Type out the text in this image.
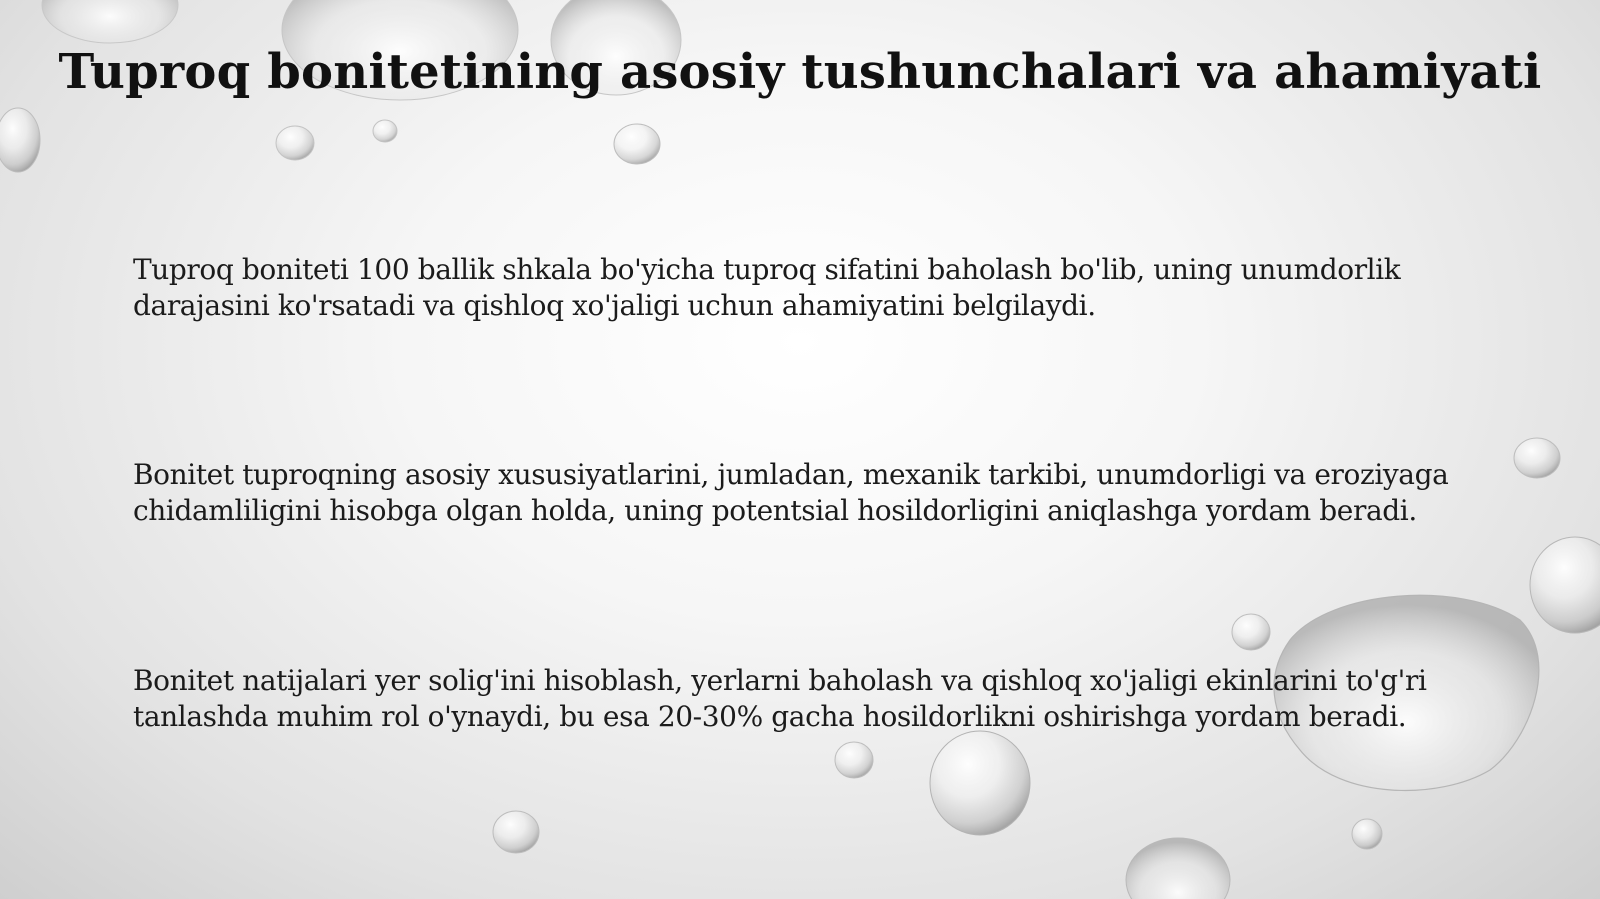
Tuproq bonitetining asosiy tushunchalari va ahamiyati

Tuproq boniteti 100 ballik shkala bo'yicha tuproq sifatini baholash bo'lib, uning unumdorlik darajasini ko'rsatadi va qishloq xo'jaligi uchun ahamiyatini belgilaydi.

Bonitet tuproqning asosiy xususiyatlarini, jumladan, mexanik tarkibi, unumdorligi va eroziyaga chidamliligini hisobga olgan holda, uning potentsial hosildorligini aniqlashga yordam beradi.

Bonitet natijalari yer solig'ini hisoblash, yerlarni baholash va qishloq xo'jaligi ekinlarini to'g'ri tanlashda muhim rol o'ynaydi, bu esa 20-30% gacha hosildorlikni oshirishga yordam beradi.
